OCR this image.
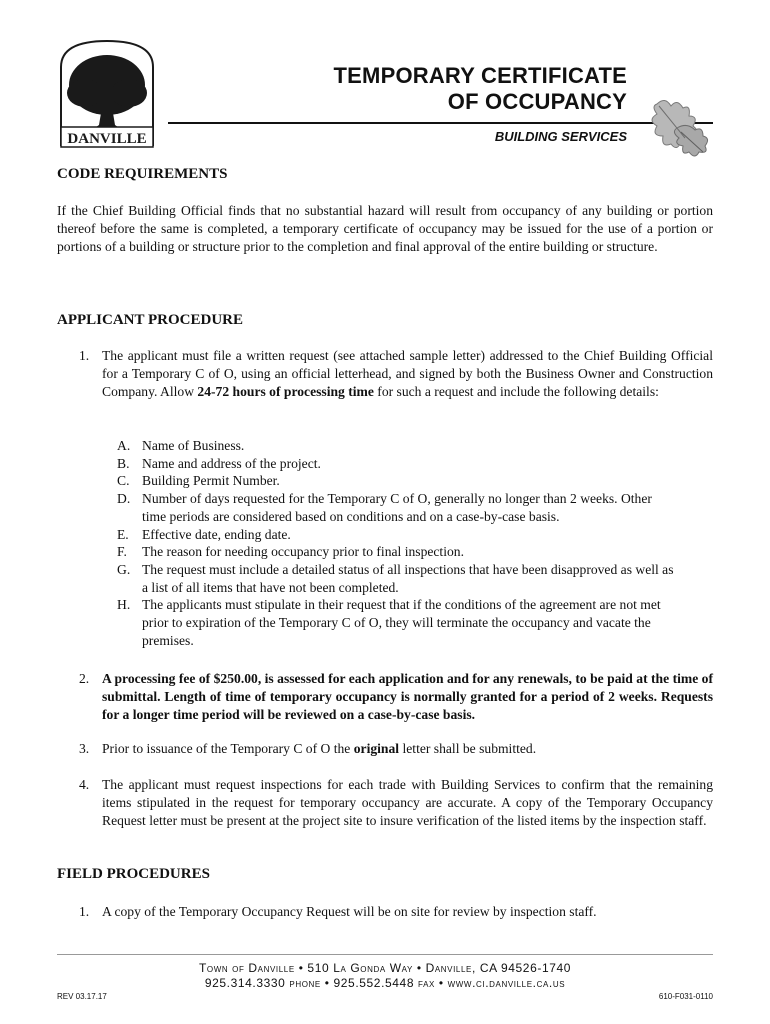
DANVILLE
TEMPORARY CERTIFICATE
OF OCCUPANCY
BUILDING SERVICES
CODE REQUIREMENTS
If the Chief Building Official finds that no substantial hazard will result from occupancy of any building or portion thereof before the same is completed, a temporary certificate of occupancy may be issued for the use of a portion or portions of a building or structure prior to the completion and final approval of the entire building or structure.
APPLICANT PROCEDURE
1. The applicant must file a written request (see attached sample letter) addressed to the Chief Building Official for a Temporary C of O, using an official letterhead, and signed by both the Business Owner and Construction Company. Allow 24-72 hours of processing time for such a request and include the following details:
A. Name of Business.
B. Name and address of the project.
C. Building Permit Number.
D. Number of days requested for the Temporary C of O, generally no longer than 2 weeks. Other time periods are considered based on conditions and on a case-by-case basis.
E. Effective date, ending date.
F.	The reason for needing occupancy prior to final inspection.
G. The request must include a detailed status of all inspections that have been disapproved as well as a list of all items that have not been completed.
H. The applicants must stipulate in their request that if the conditions of the agreement are not met prior to expiration of the Temporary C of O, they will terminate the occupancy and vacate the premises.
2. A processing fee of $250.00, is assessed for each application and for any renewals, to be paid at the time of submittal. Length of time of temporary occupancy is normally granted for a period of 2 weeks. Requests for a longer time period will be reviewed on a case-by-case basis.
3. Prior to issuance of the Temporary C of O the original letter shall be submitted.
4. The applicant must request inspections for each trade with Building Services to confirm that the remaining items stipulated in the request for temporary occupancy are accurate. A copy of the Temporary Occupancy Request letter must be present at the project site to insure verification of the listed items by the inspection staff.
FIELD PROCEDURES
1. A copy of the Temporary Occupancy Request will be on site for review by inspection staff.
Town of Danville • 510 La Gonda Way • Danville, CA 94526-1740
925.314.3330 phone • 925.552.5448 fax • www.ci.danville.ca.us
REV 03.17.17	610-F031-0110
